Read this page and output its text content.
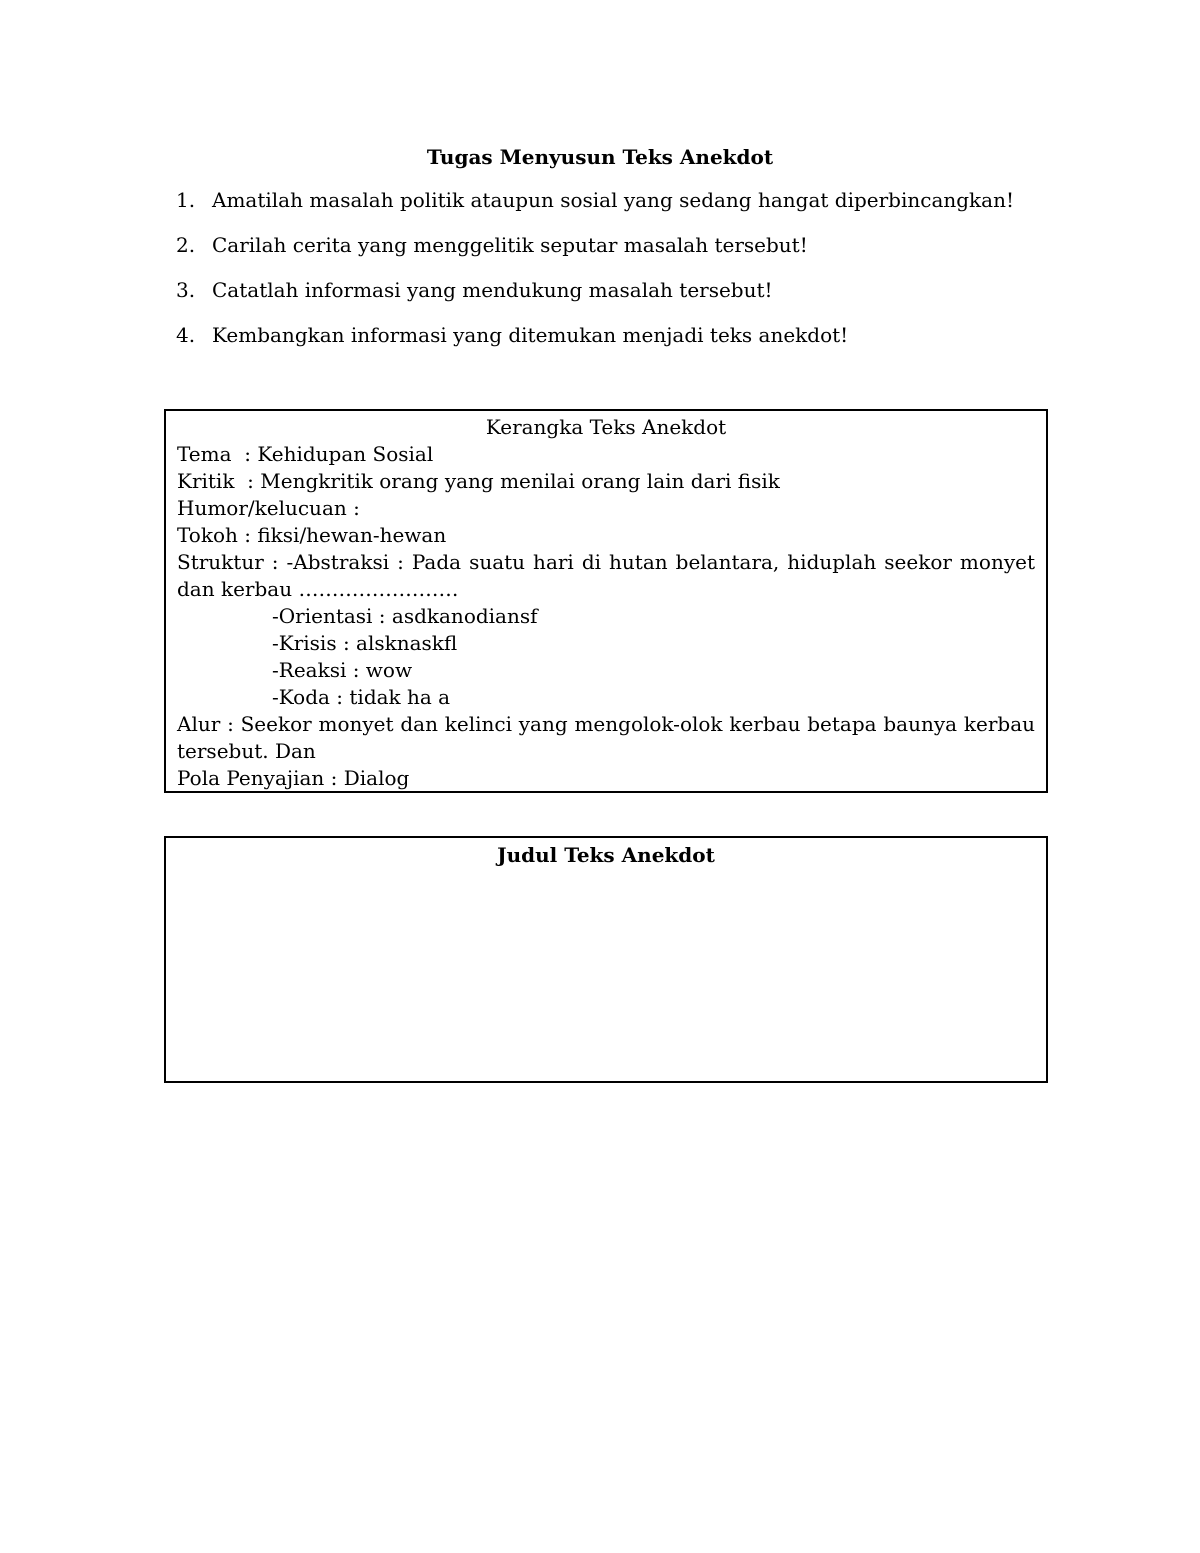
Tugas Menyusun Teks Anekdot
1. Amatilah masalah politik ataupun sosial yang sedang hangat diperbincangkan!
2. Carilah cerita yang menggelitik seputar masalah tersebut!
3. Catatlah informasi yang mendukung masalah tersebut!
4. Kembangkan informasi yang ditemukan menjadi teks anekdot!
Kerangka Teks Anekdot
Tema  : Kehidupan Sosial
Kritik  : Mengkritik orang yang menilai orang lain dari fisik
Humor/kelucuan :
Tokoh : fiksi/hewan-hewan
Struktur : -Abstraksi : Pada suatu hari di hutan belantara, hiduplah seekor monyet dan kerbau ……………………
-Orientasi : asdkanodiansf
-Krisis : alsknaskfl
-Reaksi : wow
-Koda : tidak ha a
Alur : Seekor monyet dan kelinci yang mengolok-olok kerbau betapa baunya kerbau tersebut. Dan
Pola Penyajian : Dialog
Judul Teks Anekdot
